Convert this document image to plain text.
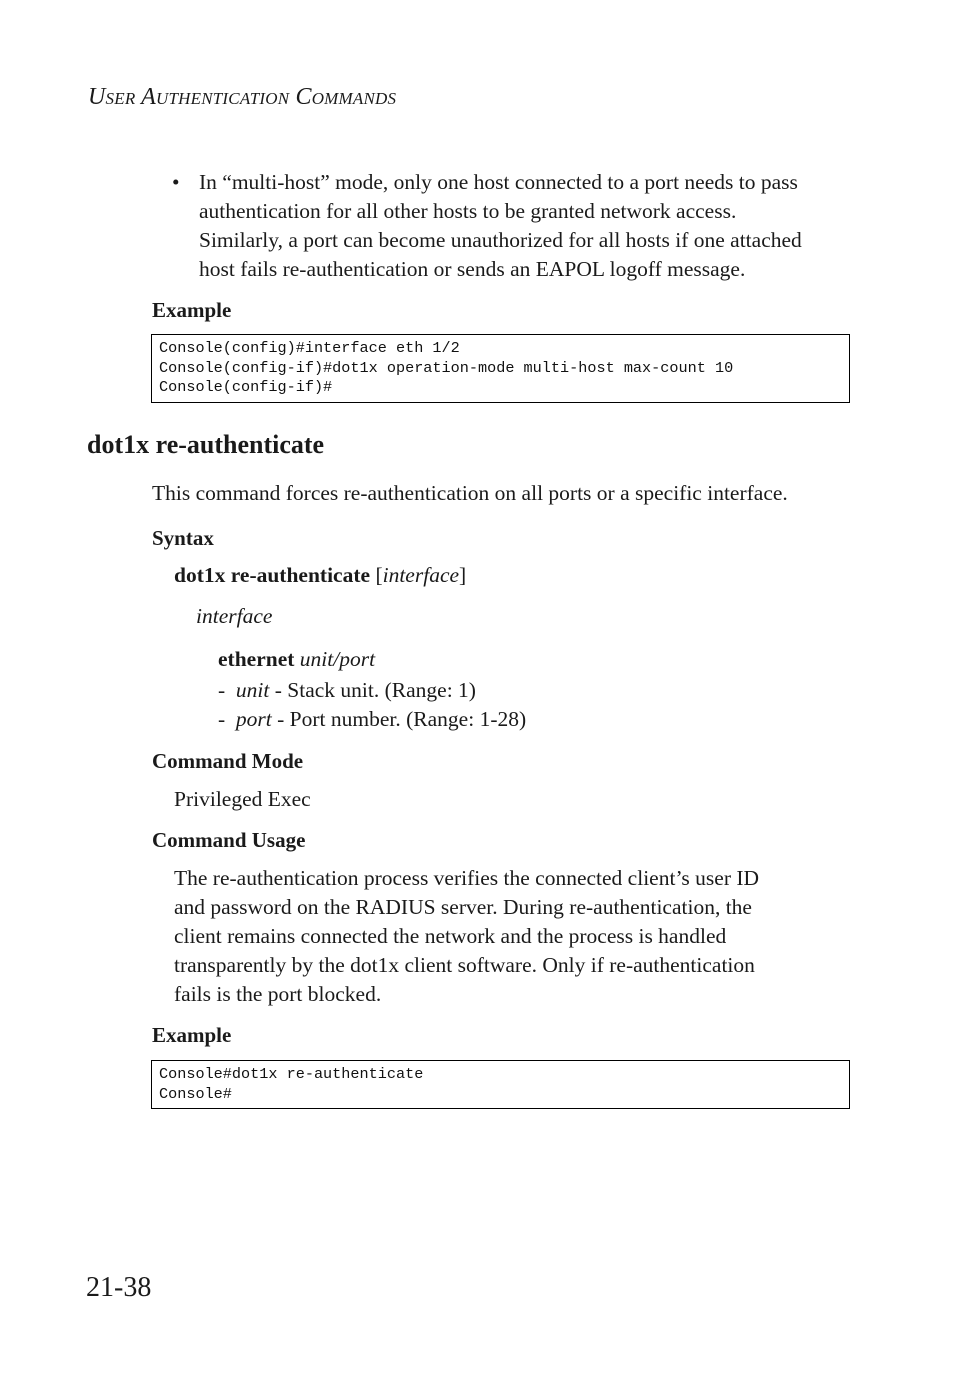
User Authentication Commands
• In “multi-host” mode, only one host connected to a port needs to pass
authentication for all other hosts to be granted network access.
Similarly, a port can become unauthorized for all hosts if one attached
host fails re-authentication or sends an EAPOL logoff message.
Example
Console(config)#interface eth 1/2
Console(config-if)#dot1x operation-mode multi-host max-count 10
Console(config-if)#
dot1x re-authenticate
This command forces re-authentication on all ports or a specific interface.
Syntax
dot1x re-authenticate [interface]
interface
ethernet unit/port
- unit - Stack unit. (Range: 1)
- port - Port number. (Range: 1-28)
Command Mode
Privileged Exec
Command Usage
The re-authentication process verifies the connected client’s user ID
and password on the RADIUS server. During re-authentication, the
client remains connected the network and the process is handled
transparently by the dot1x client software. Only if re-authentication
fails is the port blocked.
Example
Console#dot1x re-authenticate
Console#
21-38
